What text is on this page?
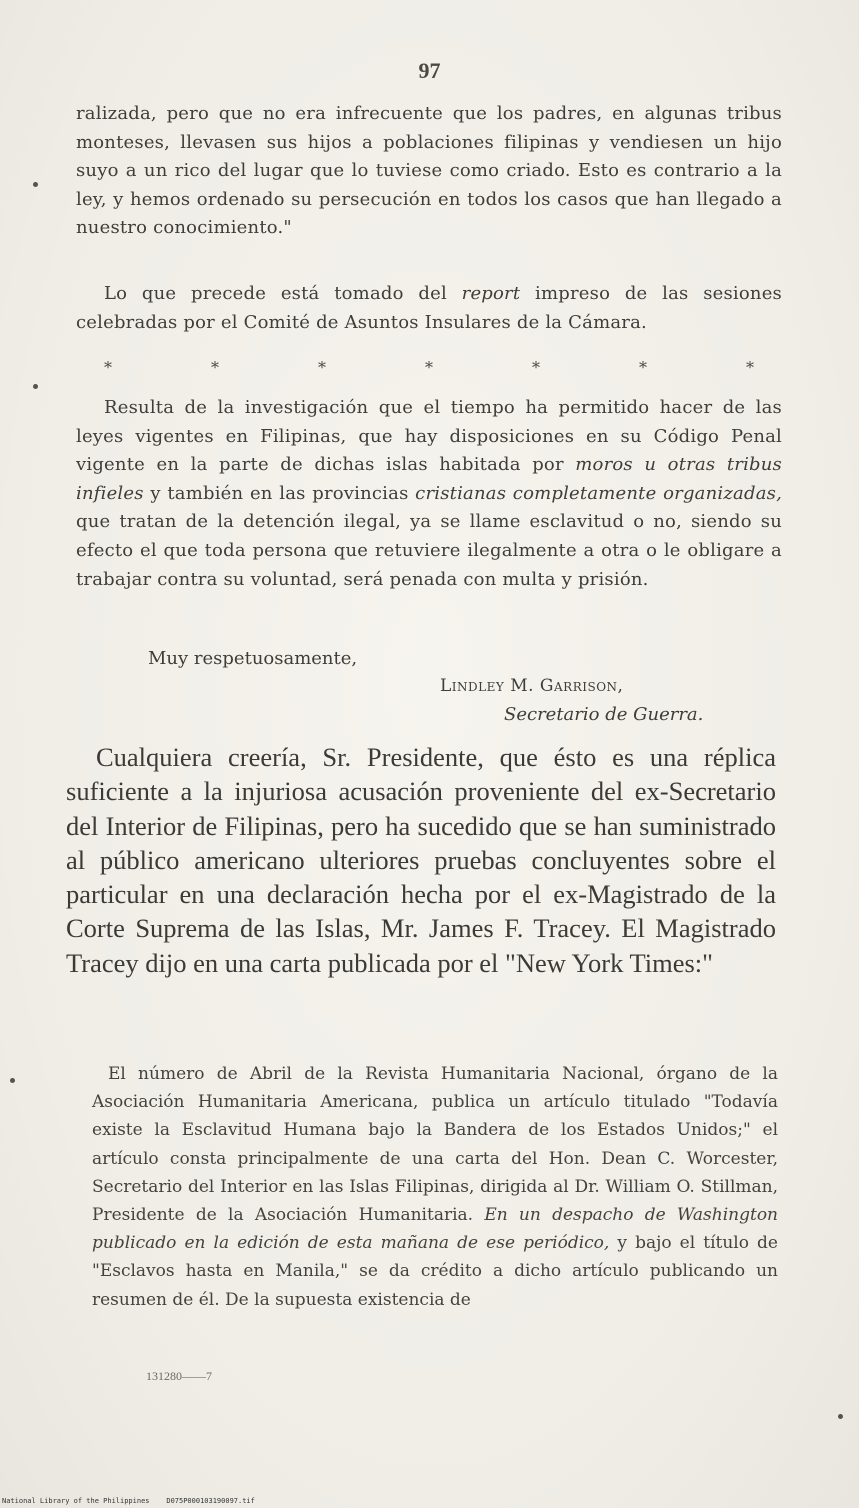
97

ralizada, pero que no era infrecuente que los padres, en algunas tribus monteses, llevasen sus hijos a poblaciones filipinas y vendiesen un hijo suyo a un rico del lugar que lo tuviese como criado. Esto es contrario a la ley, y hemos ordenado su persecución en todos los casos que han llegado a nuestro conocimiento."

Lo que precede está tomado del report impreso de las sesiones celebradas por el Comité de Asuntos Insulares de la Cámara.

*	*	*	*	*	*	*

Resulta de la investigación que el tiempo ha permitido hacer de las leyes vigentes en Filipinas, que hay disposiciones en su Código Penal vigente en la parte de dichas islas habitada por moros u otras tribus infieles y también en las provincias cristianas completamente organizadas, que tratan de la detención ilegal, ya se llame esclavitud o no, siendo su efecto el que toda persona que retuviere ilegalmente a otra o le obligare a trabajar contra su voluntad, será penada con multa y prisión.

Muy respetuosamente,
Lindley M. Garrison,
Secretario de Guerra.

Cualquiera creería, Sr. Presidente, que ésto es una réplica suficiente a la injuriosa acusación proveniente del ex-Secretario del Interior de Filipinas, pero ha sucedido que se han suministrado al público americano ulteriores pruebas concluyentes sobre el particular en una declaración hecha por el ex-Magistrado de la Corte Suprema de las Islas, Mr. James F. Tracey. El Magistrado Tracey dijo en una carta publicada por el "New York Times:"

El número de Abril de la Revista Humanitaria Nacional, órgano de la Asociación Humanitaria Americana, publica un artículo titulado "Todavía existe la Esclavitud Humana bajo la Bandera de los Estados Unidos;" el artículo consta principalmente de una carta del Hon. Dean C. Worcester, Secretario del Interior en las Islas Filipinas, dirigida al Dr. William O. Stillman, Presidente de la Asociación Humanitaria. En un despacho de Washington publicado en la edición de esta mañana de ese periódico, y bajo el título de "Esclavos hasta en Manila," se da crédito a dicho artículo publicando un resumen de él. De la supuesta existencia de

131280——7
National Library of the Philippines    D075P000103190097.tif
